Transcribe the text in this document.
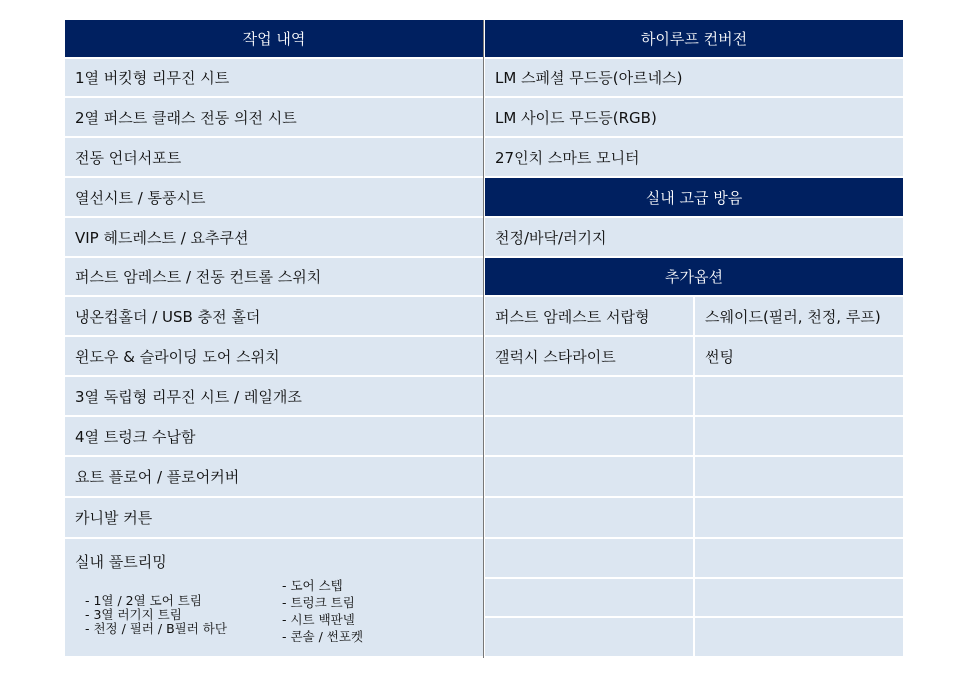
작업 내역
1열 버킷형 리무진 시트
2열 퍼스트 클래스 전동 의전 시트
전동 언더서포트
열선시트 / 통풍시트
VIP 헤드레스트 / 요추쿠션
퍼스트 암레스트 / 전동 컨트롤 스위치
냉온컵홀더 / USB 충전 홀더
윈도우 & 슬라이딩 도어 스위치
3열 독립형 리무진 시트 / 레일개조
4열 트렁크 수납함
요트 플로어 / 플로어커버
카니발 커튼
실내 풀트리밍
- 1열 / 2열 도어 트림
- 3열 러기지 트림
- 천정 / 필러 / B필러 하단
- 도어 스텝
- 트렁크 트림
- 시트 백판넬
- 콘솔 / 썬포켓
하이루프 컨버전
LM 스페셜 무드등(아르네스)
LM 사이드 무드등(RGB)
27인치 스마트 모니터
실내 고급 방음
천정/바닥/러기지
추가옵션
퍼스트 암레스트 서랍형	스웨이드(필러, 천정, 루프)
갤럭시 스타라이트	썬팅
